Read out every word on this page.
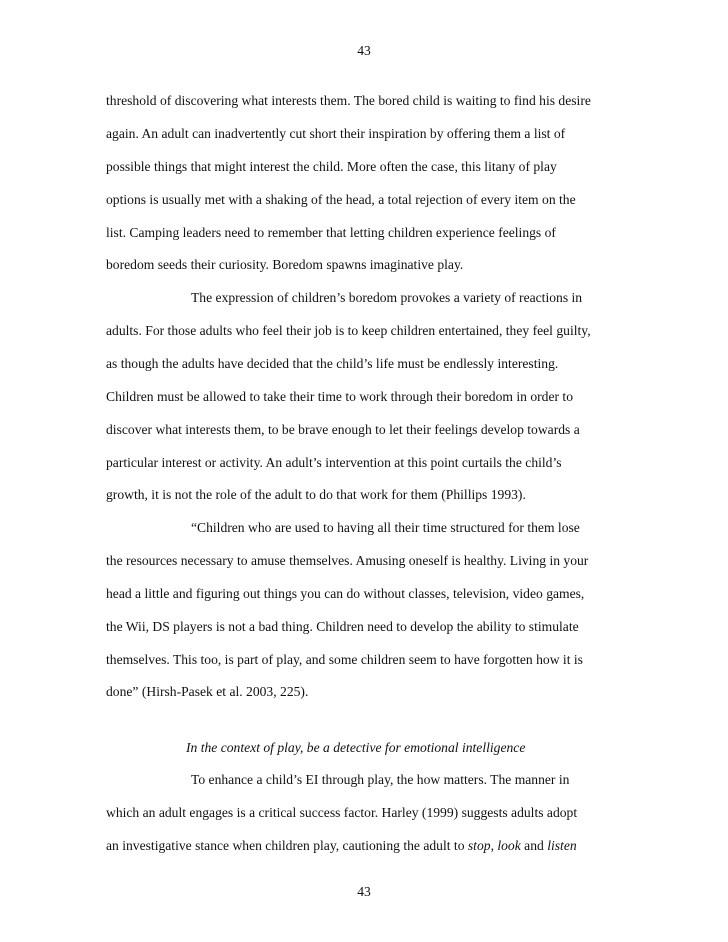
43
threshold of discovering what interests them. The bored child is waiting to find his desire
again. An adult can inadvertently cut short their inspiration by offering them a list of
possible things that might interest the child. More often the case, this litany of play
options is usually met with a shaking of the head, a total rejection of every item on the
list. Camping leaders need to remember that letting children experience feelings of
boredom seeds their curiosity. Boredom spawns imaginative play.
The expression of children’s boredom provokes a variety of reactions in
adults. For those adults who feel their job is to keep children entertained, they feel guilty,
as though the adults have decided that the child’s life must be endlessly interesting.
Children must be allowed to take their time to work through their boredom in order to
discover what interests them, to be brave enough to let their feelings develop towards a
particular interest or activity. An adult’s intervention at this point curtails the child’s
growth, it is not the role of the adult to do that work for them (Phillips 1993).
“Children who are used to having all their time structured for them lose
the resources necessary to amuse themselves. Amusing oneself is healthy. Living in your
head a little and figuring out things you can do without classes, television, video games,
the Wii, DS players is not a bad thing. Children need to develop the ability to stimulate
themselves. This too, is part of play, and some children seem to have forgotten how it is
done” (Hirsh-Pasek et al. 2003, 225).
In the context of play, be a detective for emotional intelligence
To enhance a child’s EI through play, the how matters. The manner in
which an adult engages is a critical success factor. Harley (1999) suggests adults adopt
an investigative stance when children play, cautioning the adult to stop, look and listen
43
